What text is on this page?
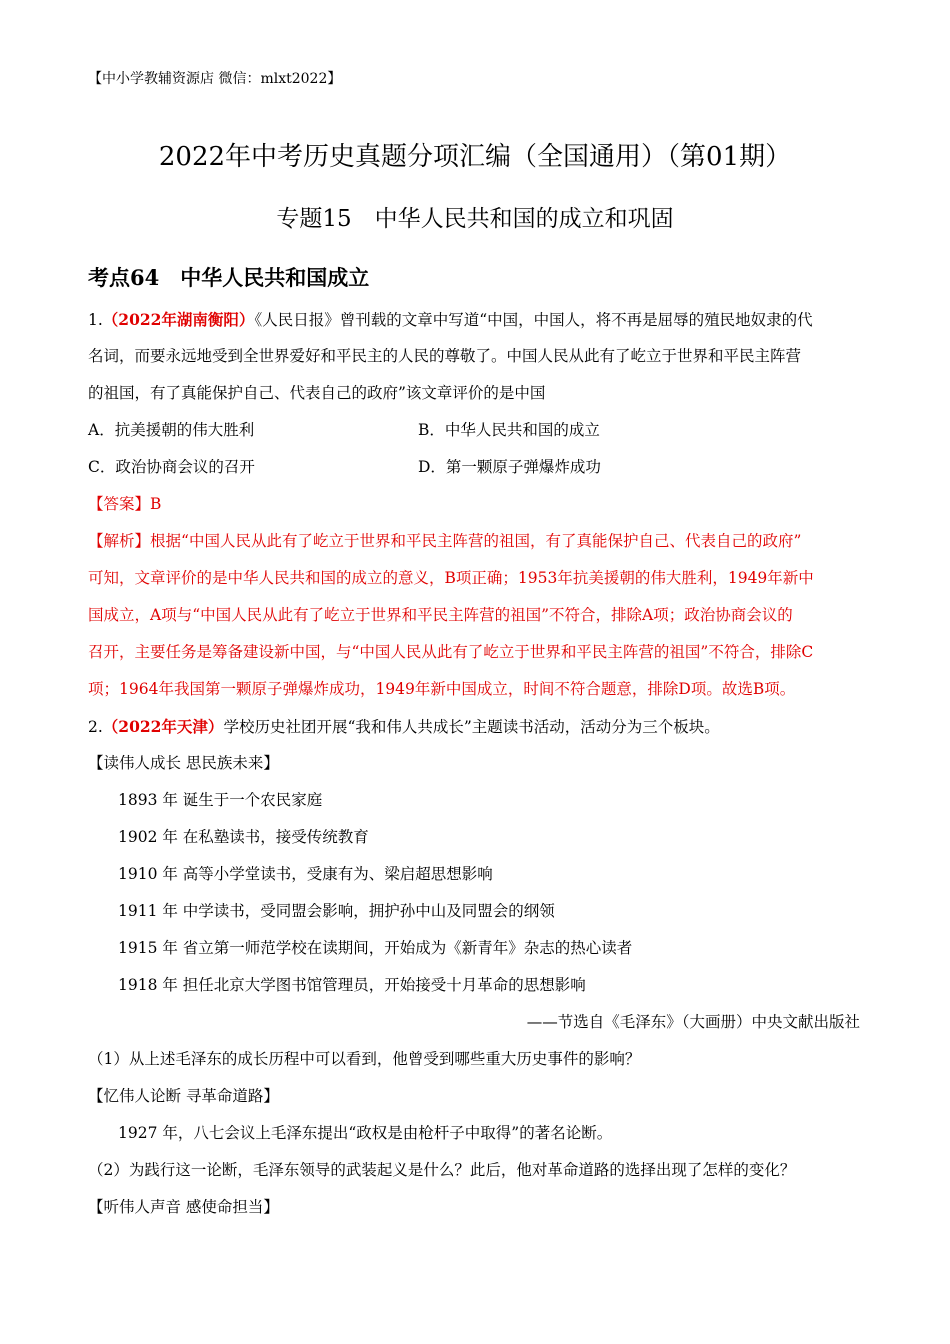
【中小学教辅资源店 微信：mlxt2022】
2022年中考历史真题分项汇编（全国通用）（第01期）
专题15　中华人民共和国的成立和巩固
考点64　中华人民共和国成立
1.（2022年湖南衡阳）《人民日报》曾刊载的文章中写道“中国，中国人，将不再是屈辱的殖民地奴隶的代
名词，而要永远地受到全世界爱好和平民主的人民的尊敬了。中国人民从此有了屹立于世界和平民主阵营
的祖国，有了真能保护自己、代表自己的政府”该文章评价的是中国
A．抗美援朝的伟大胜利	B．中华人民共和国的成立
C．政治协商会议的召开	D．第一颗原子弹爆炸成功
【答案】B
【解析】根据“中国人民从此有了屹立于世界和平民主阵营的祖国，有了真能保护自己、代表自己的政府”
可知，文章评价的是中华人民共和国的成立的意义，B项正确；1953年抗美援朝的伟大胜利，1949年新中
国成立，A项与“中国人民从此有了屹立于世界和平民主阵营的祖国”不符合，排除A项；政治协商会议的
召开，主要任务是筹备建设新中国，与“中国人民从此有了屹立于世界和平民主阵营的祖国”不符合，排除C
项；1964年我国第一颗原子弹爆炸成功，1949年新中国成立，时间不符合题意，排除D项。故选B项。
2.（2022年天津）学校历史社团开展“我和伟人共成长”主题读书活动，活动分为三个板块。
【读伟人成长 思民族未来】
1893 年 诞生于一个农民家庭
1902 年 在私塾读书，接受传统教育
1910 年 高等小学堂读书，受康有为、梁启超思想影响
1911 年 中学读书，受同盟会影响，拥护孙中山及同盟会的纲领
1915 年 省立第一师范学校在读期间，开始成为《新青年》杂志的热心读者
1918 年 担任北京大学图书馆管理员，开始接受十月革命的思想影响
——节选自《毛泽东》（大画册）中央文献出版社
（1）从上述毛泽东的成长历程中可以看到，他曾受到哪些重大历史事件的影响？
【忆伟人论断 寻革命道路】
1927 年，八七会议上毛泽东提出“政权是由枪杆子中取得”的著名论断。
（2）为践行这一论断，毛泽东领导的武装起义是什么？此后，他对革命道路的选择出现了怎样的变化？
【听伟人声音 感使命担当】
